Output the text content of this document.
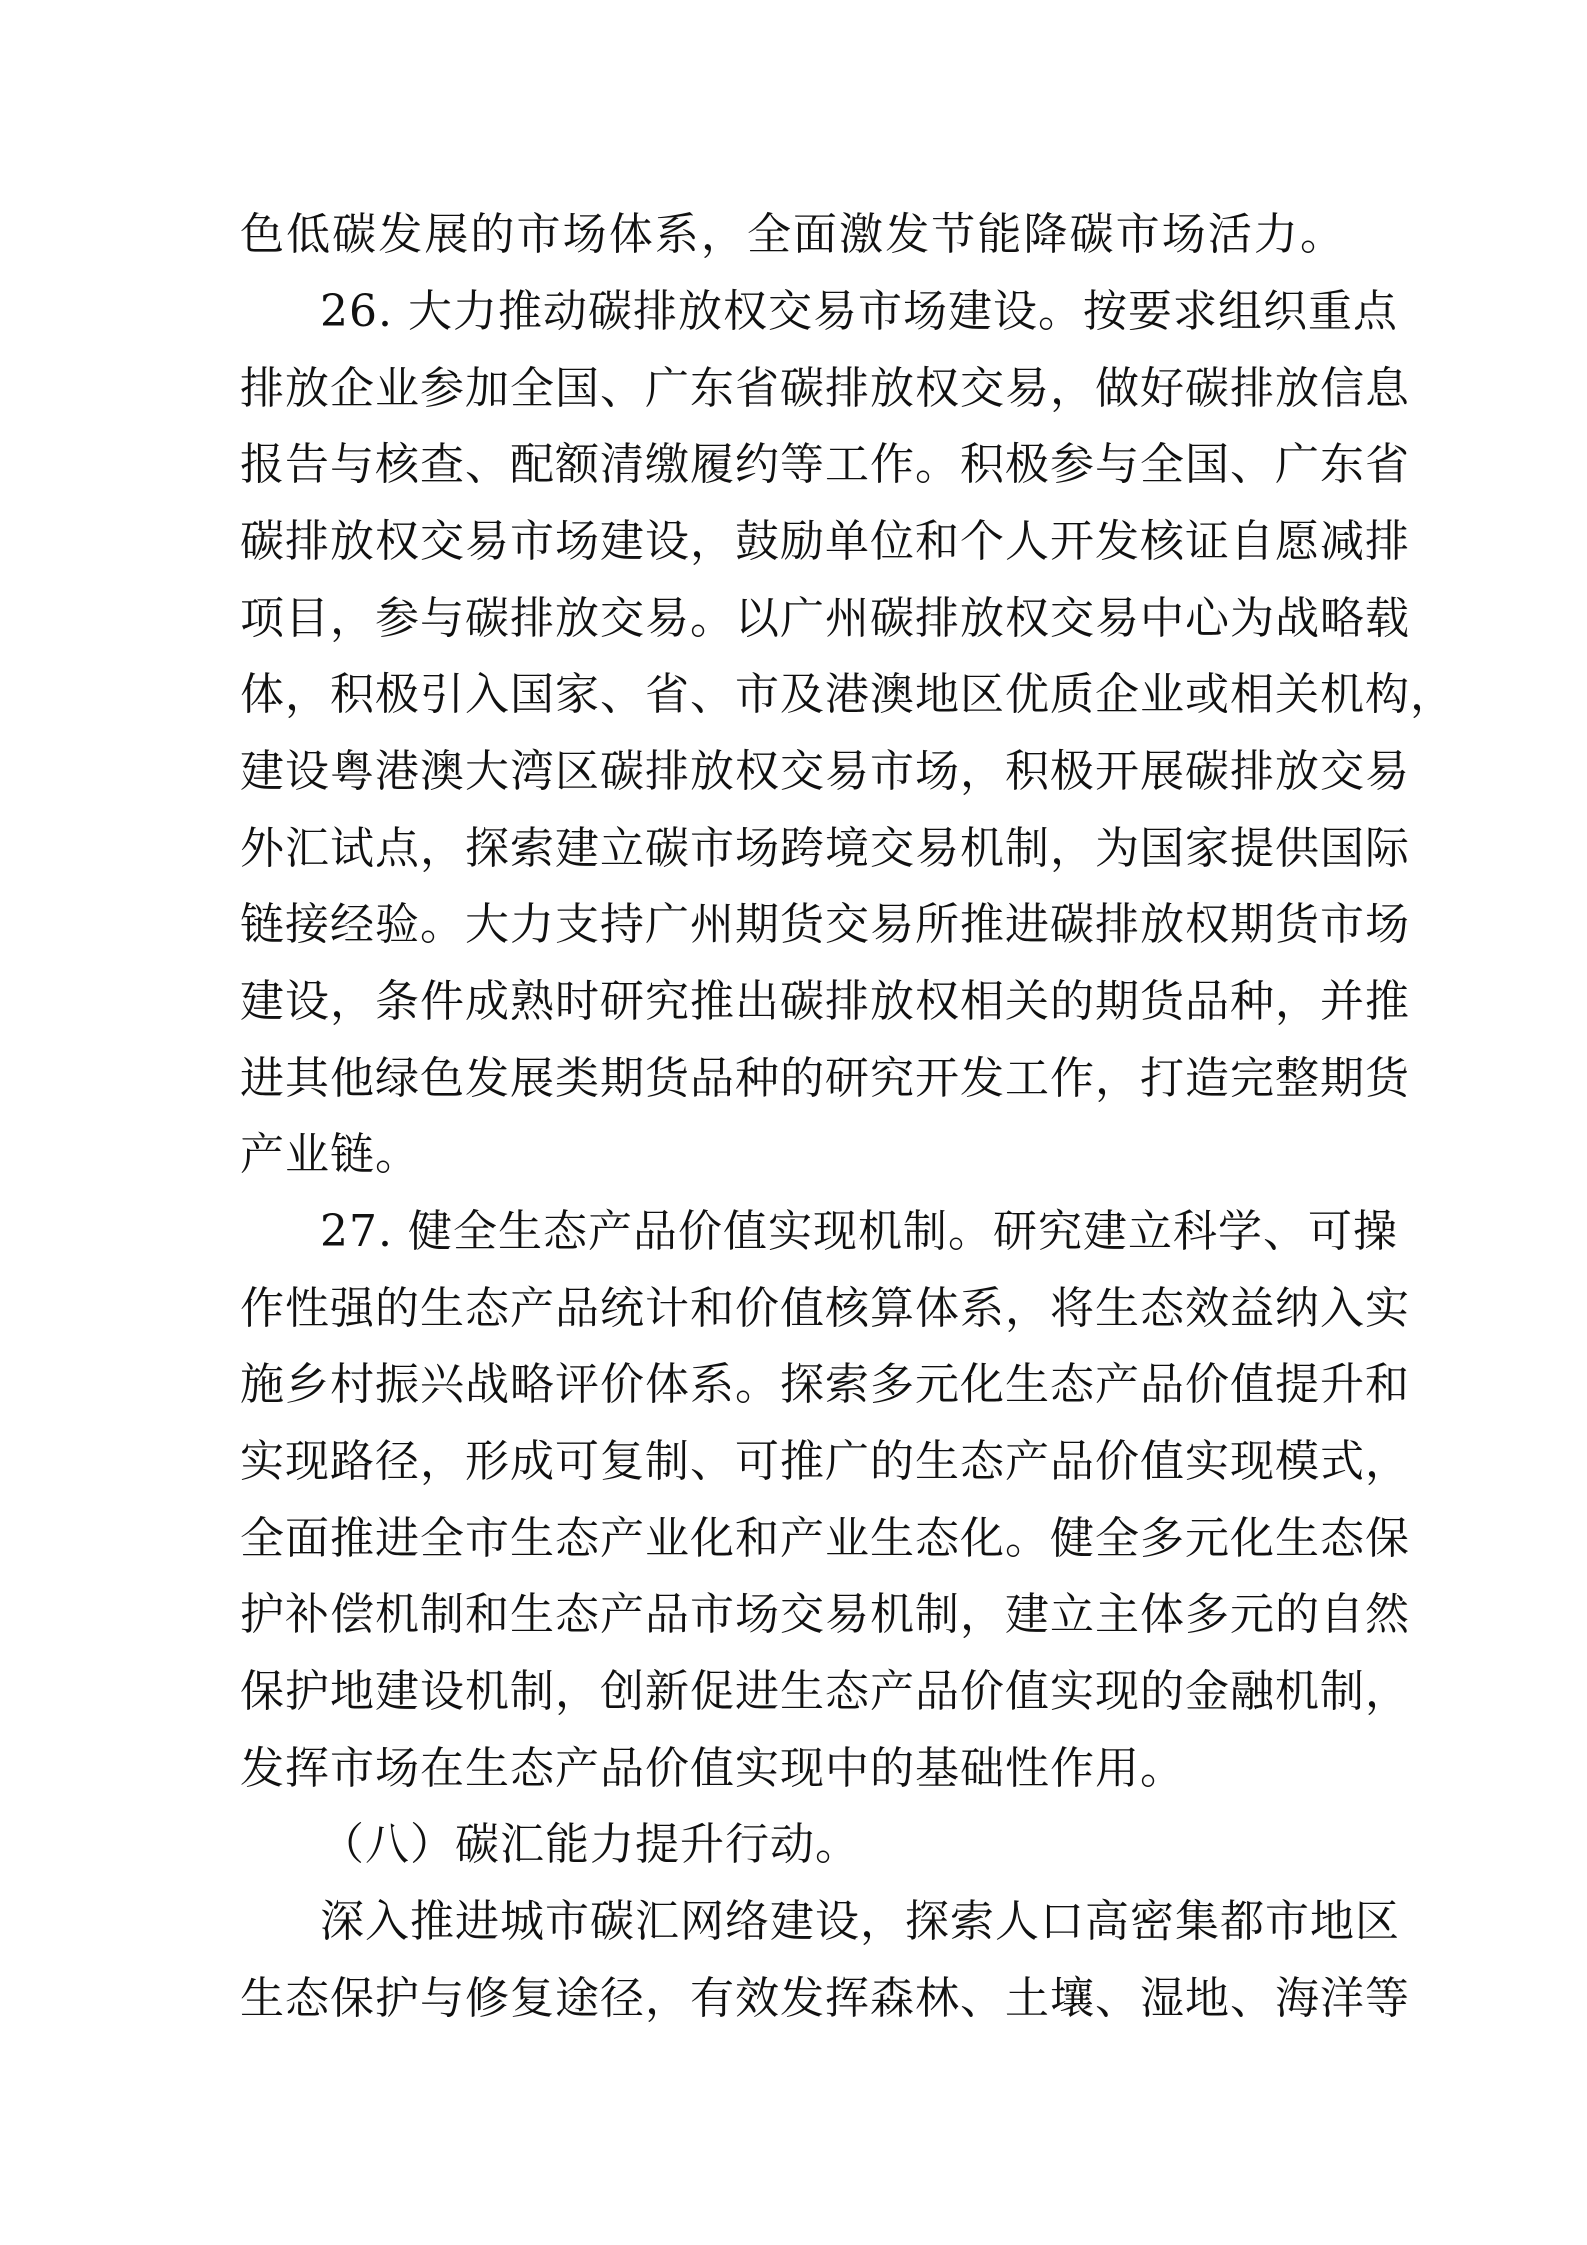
色低碳发展的市场体系，全面激发节能降碳市场活力。

26. 大力推动碳排放权交易市场建设。按要求组织重点

排放企业参加全国、广东省碳排放权交易，做好碳排放信息

报告与核查、配额清缴履约等工作。积极参与全国、广东省

碳排放权交易市场建设，鼓励单位和个人开发核证自愿减排

项目，参与碳排放交易。以广州碳排放权交易中心为战略载

体，积极引入国家、省、市及港澳地区优质企业或相关机构，

建设粤港澳大湾区碳排放权交易市场，积极开展碳排放交易

外汇试点，探索建立碳市场跨境交易机制，为国家提供国际

链接经验。大力支持广州期货交易所推进碳排放权期货市场

建设，条件成熟时研究推出碳排放权相关的期货品种，并推

进其他绿色发展类期货品种的研究开发工作，打造完整期货

产业链。

27. 健全生态产品价值实现机制。研究建立科学、可操

作性强的生态产品统计和价值核算体系，将生态效益纳入实

施乡村振兴战略评价体系。探索多元化生态产品价值提升和

实现路径，形成可复制、可推广的生态产品价值实现模式，

全面推进全市生态产业化和产业生态化。健全多元化生态保

护补偿机制和生态产品市场交易机制，建立主体多元的自然

保护地建设机制，创新促进生态产品价值实现的金融机制，

发挥市场在生态产品价值实现中的基础性作用。

（八）碳汇能力提升行动。

深入推进城市碳汇网络建设，探索人口高密集都市地区

生态保护与修复途径，有效发挥森林、土壤、湿地、海洋等
